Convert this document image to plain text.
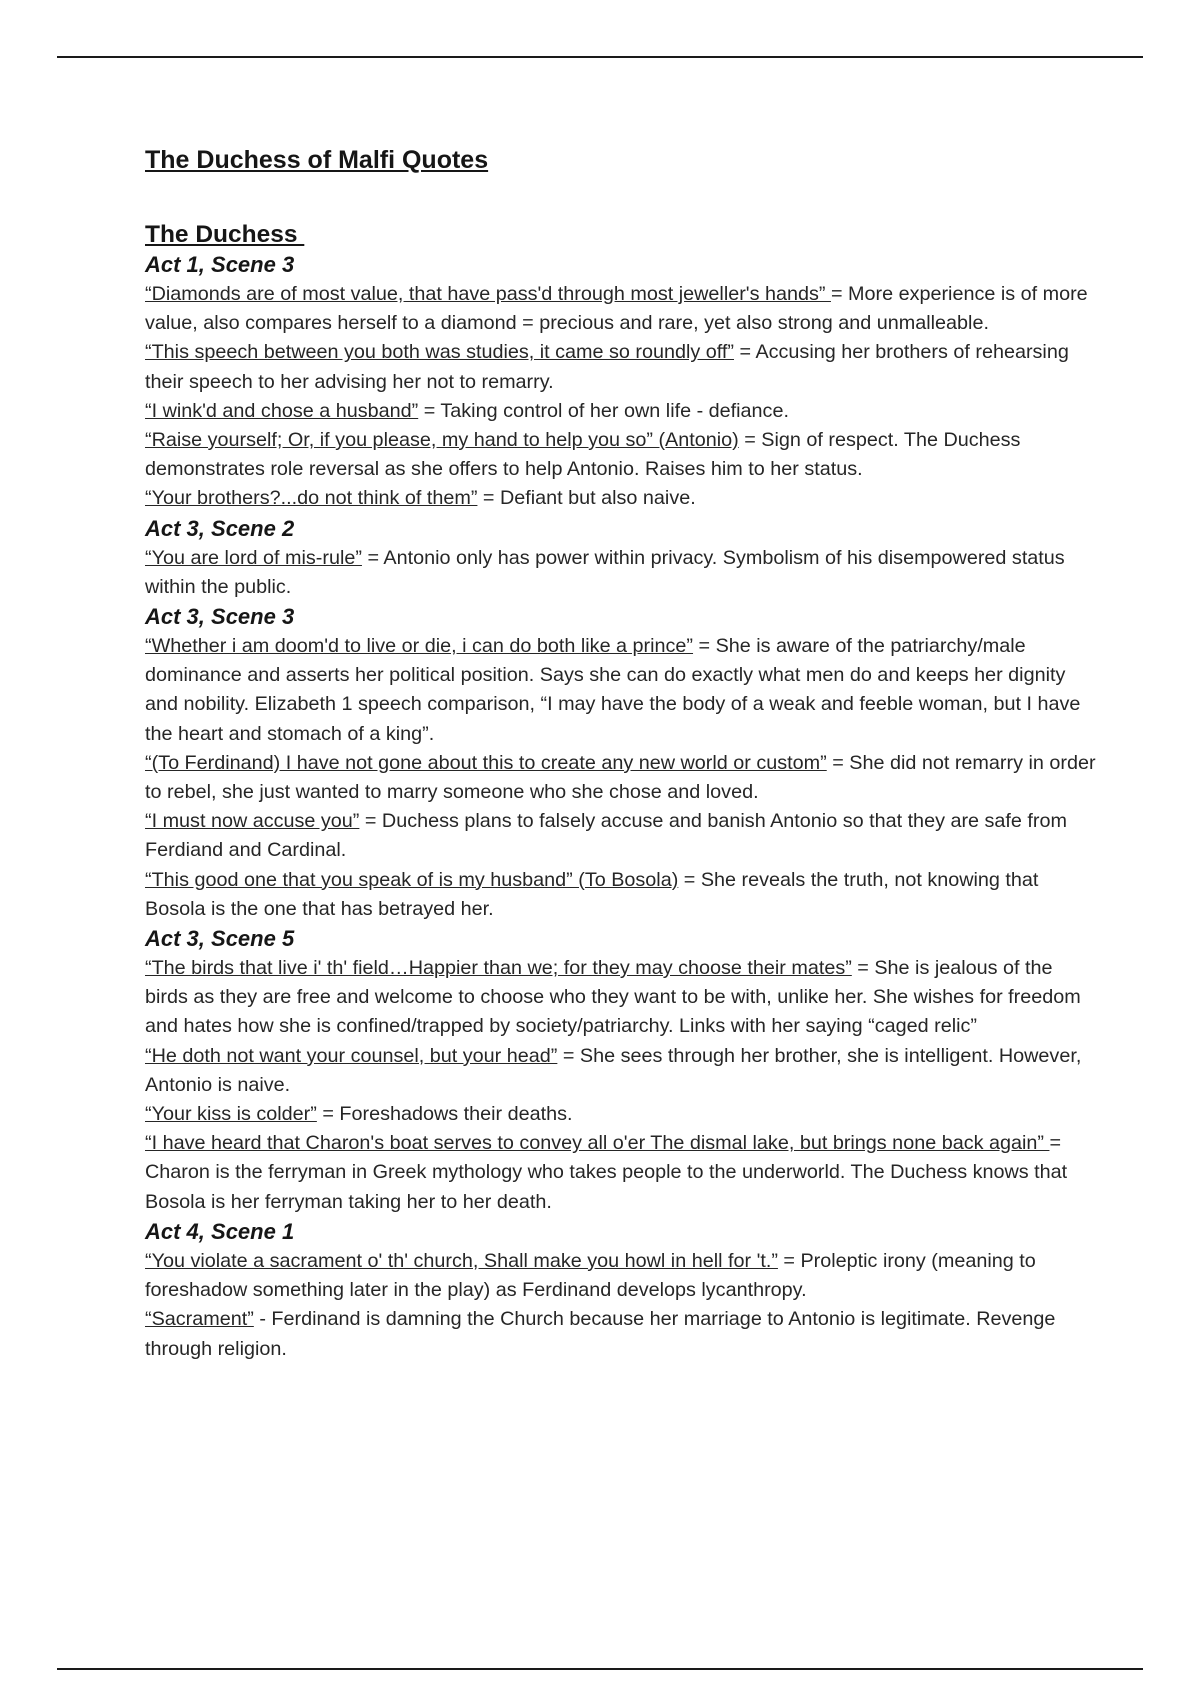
The Duchess of Malfi Quotes
The Duchess
Act 1, Scene 3

“Diamonds are of most value, that have pass'd through most jeweller's hands” = More experience is of more value, also compares herself to a diamond = precious and rare, yet also strong and unmalleable.

“This speech between you both was studies, it came so roundly off” = Accusing her brothers of rehearsing their speech to her advising her not to remarry.

“I wink'd and chose a husband” = Taking control of her own life - defiance.

“Raise yourself; Or, if you please, my hand to help you so” (Antonio) = Sign of respect. The Duchess demonstrates role reversal as she offers to help Antonio. Raises him to her status.

“Your brothers?...do not think of them” = Defiant but also naive.

Act 3, Scene 2

“You are lord of mis-rule” = Antonio only has power within privacy. Symbolism of his disempowered status within the public.

Act 3, Scene 3

“Whether i am doom'd to live or die, i can do both like a prince” = She is aware of the patriarchy/male dominance and asserts her political position. Says she can do exactly what men do and keeps her dignity and nobility. Elizabeth 1 speech comparison, “I may have the body of a weak and feeble woman, but I have the heart and stomach of a king”.

“(To Ferdinand) I have not gone about this to create any new world or custom” = She did not remarry in order to rebel, she just wanted to marry someone who she chose and loved.

“I must now accuse you” = Duchess plans to falsely accuse and banish Antonio so that they are safe from Ferdiand and Cardinal.

“This good one that you speak of is my husband” (To Bosola) = She reveals the truth, not knowing that Bosola is the one that has betrayed her.

Act 3, Scene 5

“The birds that live i' th' field…Happier than we; for they may choose their mates” = She is jealous of the birds as they are free and welcome to choose who they want to be with, unlike her. She wishes for freedom and hates how she is confined/trapped by society/patriarchy. Links with her saying “caged relic”

“He doth not want your counsel, but your head” = She sees through her brother, she is intelligent. However, Antonio is naive.

“Your kiss is colder” = Foreshadows their deaths.

“I have heard that Charon's boat serves to convey all o'er The dismal lake, but brings none back again” = Charon is the ferryman in Greek mythology who takes people to the underworld. The Duchess knows that Bosola is her ferryman taking her to her death.

Act 4, Scene 1

“You violate a sacrament o' th' church, Shall make you howl in hell for 't.” = Proleptic irony (meaning to foreshadow something later in the play) as Ferdinand develops lycanthropy.

“Sacrament” - Ferdinand is damning the Church because her marriage to Antonio is legitimate. Revenge through religion.
